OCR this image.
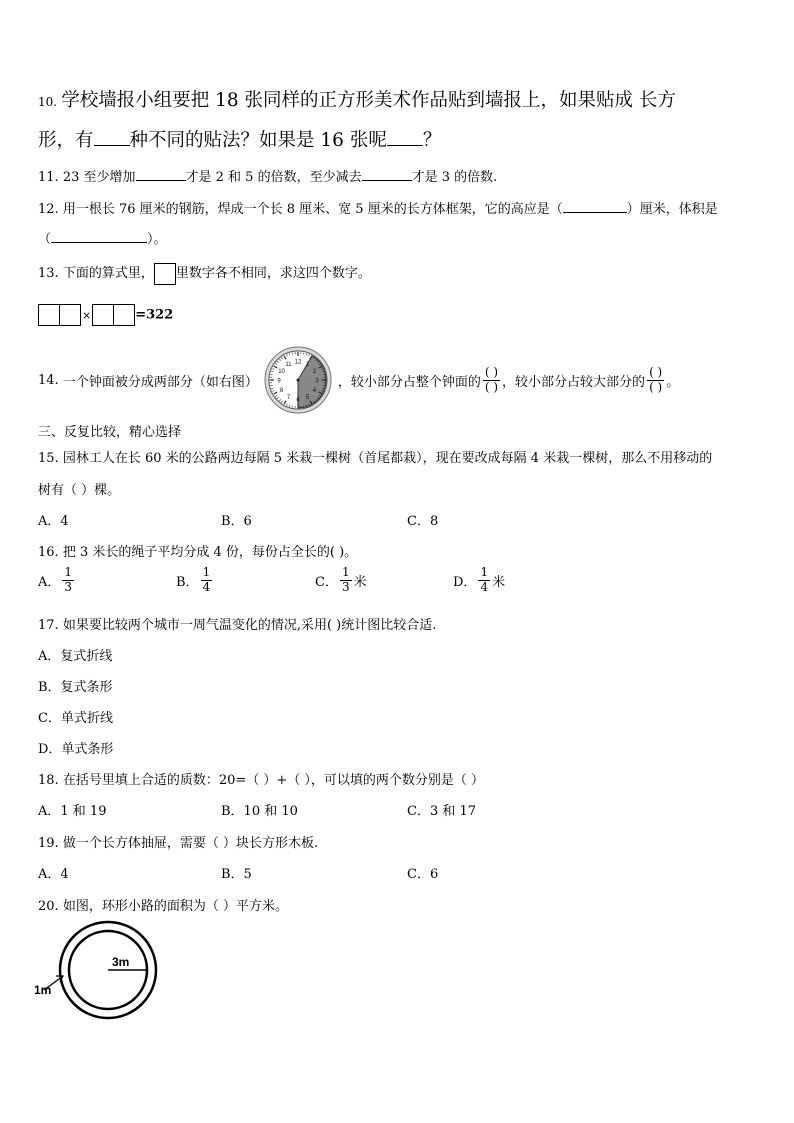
10. 学校墙报小组要把 18 张同样的正方形美术作品贴到墙报上，如果贴成 长方
形，有 种不同的贴法？如果是 16 张呢 ？
11. 23 至少增加	才是 2 和 5 的倍数，至少减去	才是 3 的倍数.
12. 用一根长 76 厘米的钢筋，焊成一个长 8 厘米、宽 5 厘米的长方体框架，它的高应是（	）厘米，体积是
（	）。
13. 下面的算式里， 里数字各不相同，求这四个数字。
×	=322
14.
一个钟面被分成两部分（如右图）
12 1
2
3
4
5
6
7
8
9
10
11
，较小部分占整个钟面的 $\frac{( )}{( )}$ ，较小部分占较大部分的 $\frac{( )}{( )}$ 。
三、反复比较，精心选择
15. 园林工人在长 60 米的公路两边每隔 5 米栽一棵树（首尾都栽），现在要改成每隔 4 米栽一棵树，那么不用移动的
树有（ ）棵。
A．4	B．6	C．8
16. 把 3 米长的绳子平均分成 4 份，每份占全长的( )。
A． $\frac{1}{3}$	B． $\frac{1}{4}$	C． $\frac{1}{3}$ 米	D． $\frac{1}{4}$ 米
17. 如果要比较两个城市一周气温变化的情况,采用( )统计图比较合适.
A．复式折线
B．复式条形
C．单式折线
D．单式条形
18. 在括号里填上合适的质数：20=（ ）+（ ），可以填的两个数分别是（ ）
A．1 和 19	B．10 和 10	C．3 和 17
19. 做一个长方体抽屉，需要（ ）块长方形木板.
A．4	B．5	C．6
20. 如图，环形小路的面积为（ ）平方米。
3m
1m
